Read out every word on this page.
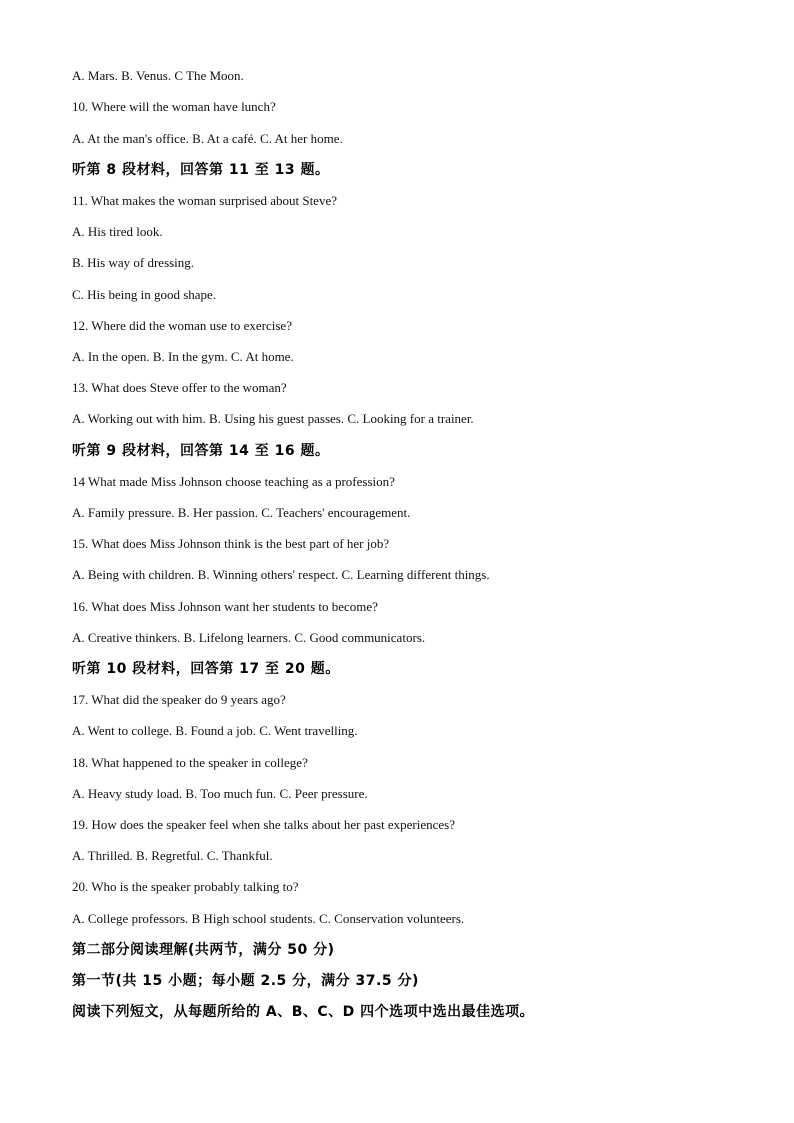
A. Mars. B. Venus. C The Moon.
10. Where will the woman have lunch?
A. At the man's office. B. At a café. C. At her home.
听第 8 段材料，回答第 11 至 13 题。
11. What makes the woman surprised about Steve?
A. His tired look.
B. His way of dressing.
C. His being in good shape.
12. Where did the woman use to exercise?
A. In the open. B. In the gym. C. At home.
13. What does Steve offer to the woman?
A. Working out with him. B. Using his guest passes. C. Looking for a trainer.
听第 9 段材料，回答第 14 至 16 题。
14 What made Miss Johnson choose teaching as a profession?
A. Family pressure. B. Her passion. C. Teachers' encouragement.
15. What does Miss Johnson think is the best part of her job?
A. Being with children. B. Winning others' respect. C. Learning different things.
16. What does Miss Johnson want her students to become?
A. Creative thinkers. B. Lifelong learners. C. Good communicators.
听第 10 段材料，回答第 17 至 20 题。
17. What did the speaker do 9 years ago?
A. Went to college. B. Found a job. C. Went travelling.
18. What happened to the speaker in college?
A. Heavy study load. B. Too much fun. C. Peer pressure.
19. How does the speaker feel when she talks about her past experiences?
A. Thrilled. B. Regretful. C. Thankful.
20. Who is the speaker probably talking to?
A. College professors. B High school students. C. Conservation volunteers.
第二部分阅读理解(共两节，满分 50 分)
第一节(共 15 小题；每小题 2.5 分，满分 37.5 分)
阅读下列短文，从每题所给的 A、B、C、D 四个选项中选出最佳选项。
